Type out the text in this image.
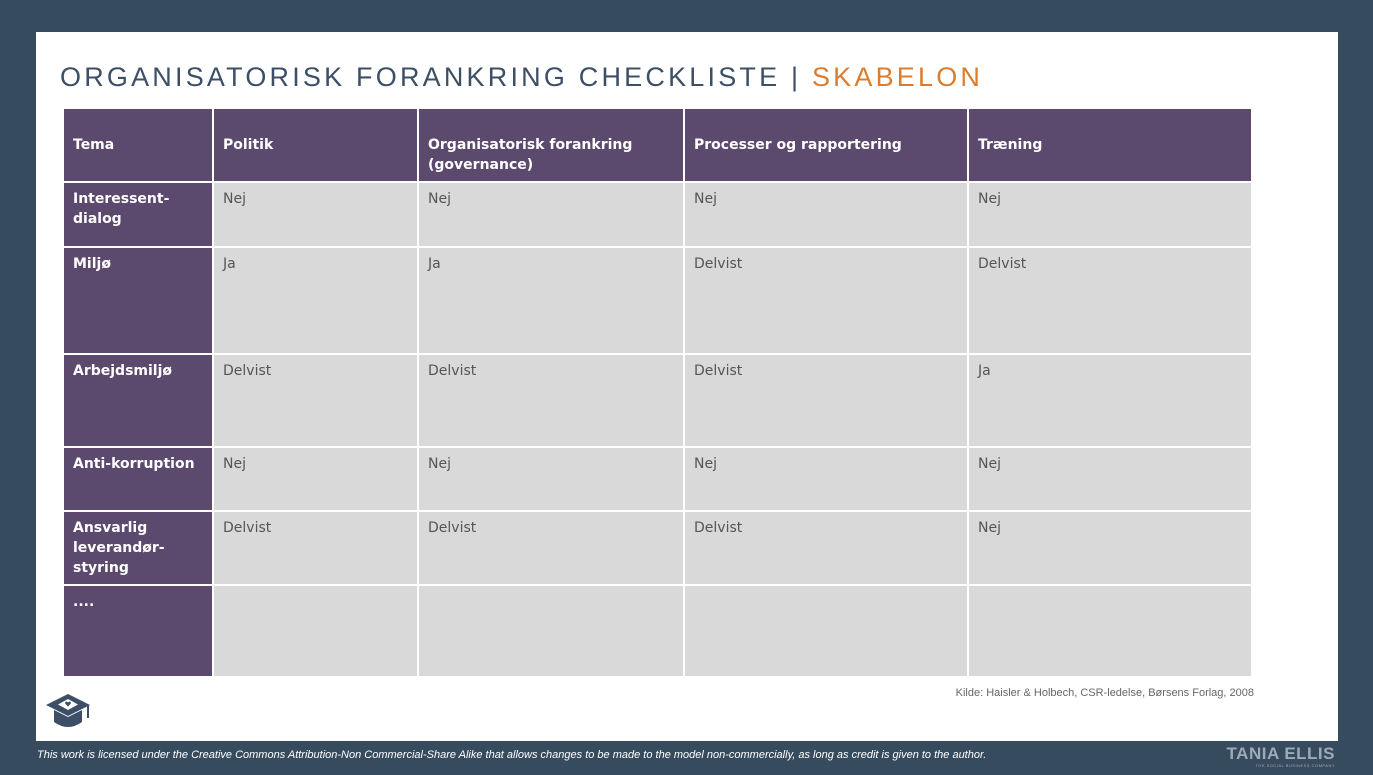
ORGANISATORISK FORANKRING CHECKLISTE | SKABELON
Tema	Politik	Organisatorisk forankring (governance)	Processer og rapportering	Træning
Interessent-dialog	Nej	Nej	Nej	Nej
Miljø	Ja	Ja	Delvist	Delvist
Arbejdsmiljø	Delvist	Delvist	Delvist	Ja
Anti-korruption	Nej	Nej	Nej	Nej
Ansvarlig leverandør-styring	Delvist	Delvist	Delvist	Nej
....				
Kilde: Haisler & Holbech, CSR-ledelse, Børsens Forlag, 2008
This work is licensed under the Creative Commons Attribution-Non Commercial-Share Alike that allows changes to be made to the model non-commercially, as long as credit is given to the author.	TANIA ELLIS
THE SOCIAL BUSINESS COMPANY
